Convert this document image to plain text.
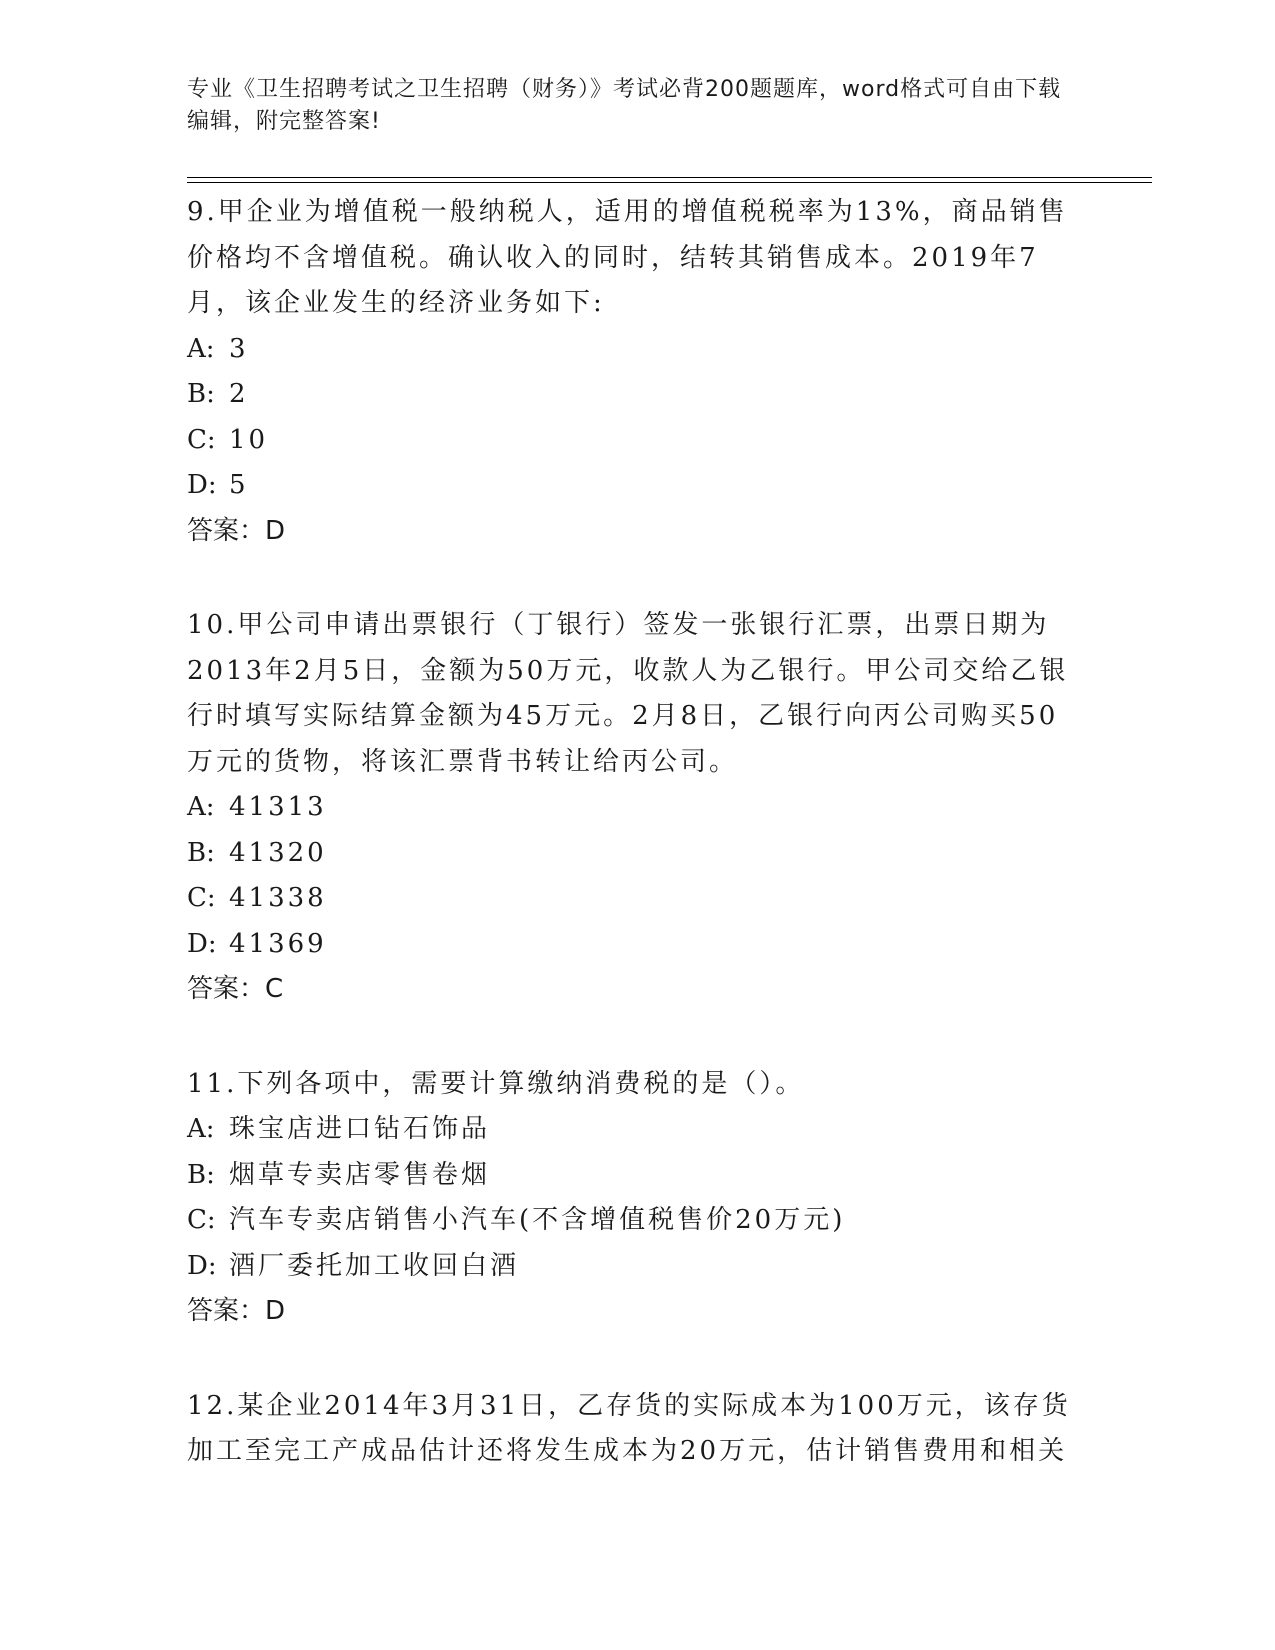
专业《卫生招聘考试之卫生招聘（财务）》考试必背200题题库，word格式可自由下载编辑，附完整答案!

9.甲企业为增值税一般纳税人，适用的增值税税率为13%，商品销售价格均不含增值税。确认收入的同时，结转其销售成本。2019年7月，该企业发生的经济业务如下:

A: 3

B: 2

C: 10

D: 5

答案：D

10.甲公司申请出票银行（丁银行）签发一张银行汇票，出票日期为2013年2月5日，金额为50万元，收款人为乙银行。甲公司交给乙银行时填写实际结算金额为45万元。2月8日，乙银行向丙公司购买50万元的货物，将该汇票背书转让给丙公司。

A: 41313

B: 41320

C: 41338

D: 41369

答案：C

11.下列各项中，需要计算缴纳消费税的是（）。

A: 珠宝店进口钻石饰品

B: 烟草专卖店零售卷烟

C: 汽车专卖店销售小汽车(不含增值税售价20万元)

D: 酒厂委托加工收回白酒

答案：D

12.某企业2014年3月31日，乙存货的实际成本为100万元，该存货加工至完工产成品估计还将发生成本为20万元，估计销售费用和相关
